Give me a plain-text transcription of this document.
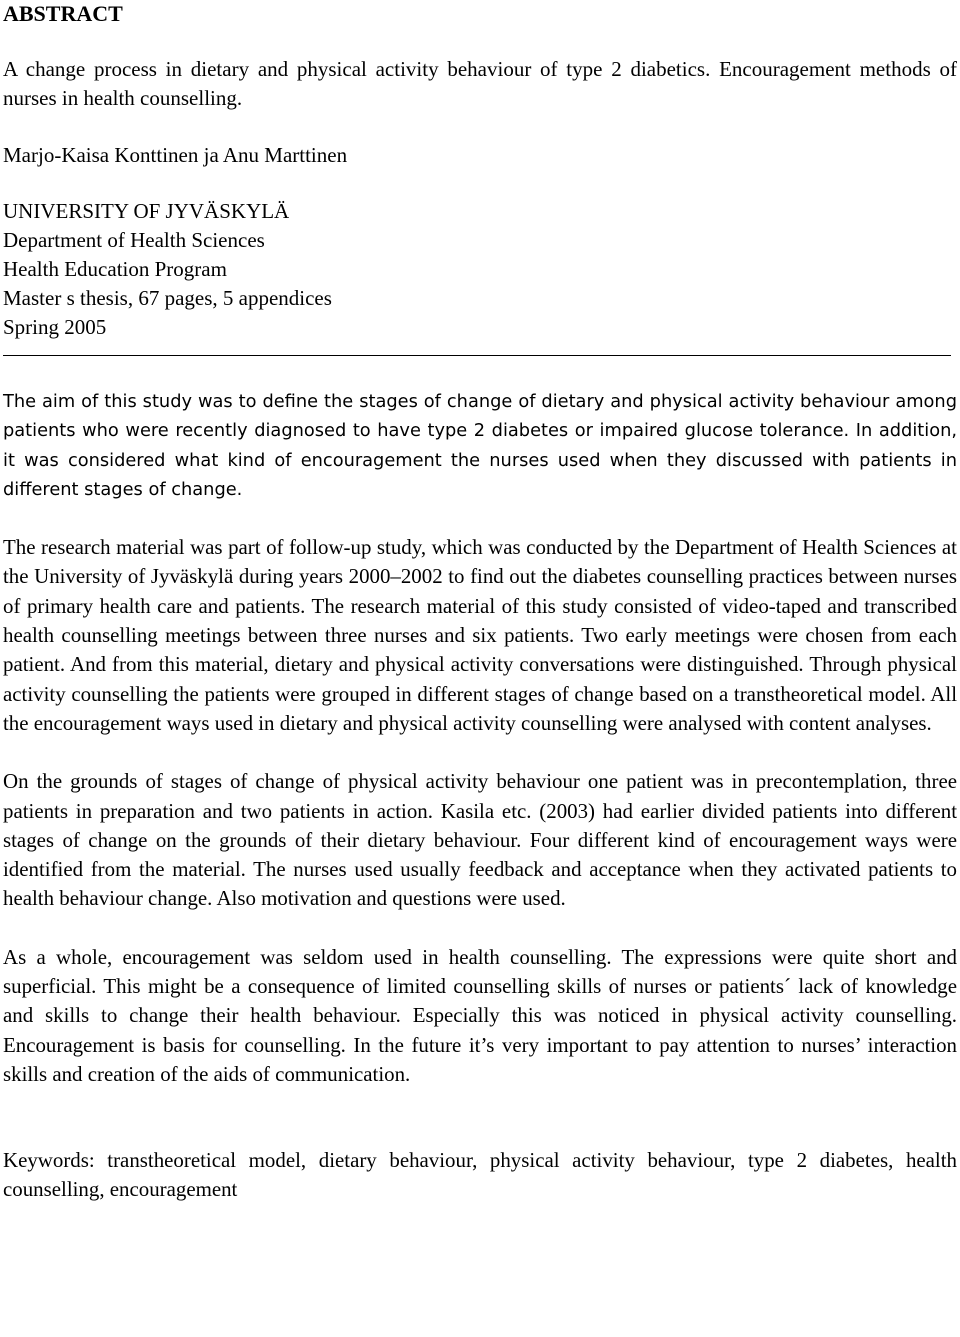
ABSTRACT
A change process in dietary and physical activity behaviour of type 2 diabetics. Encouragement methods of nurses in health counselling.
Marjo-Kaisa Konttinen ja Anu Marttinen
UNIVERSITY OF JYVÄSKYLÄ
Department of Health Sciences
Health Education Program
Master s thesis, 67 pages, 5 appendices
Spring 2005

The aim of this study was to define the stages of change of dietary and physical activity behaviour among patients who were recently diagnosed to have type 2 diabetes or impaired glucose tolerance. In addition, it was considered what kind of encouragement the nurses used when they discussed with patients in different stages of change.

The research material was part of follow-up study, which was conducted by the Department of Health Sciences at the University of Jyväskylä during years 2000–2002 to find out the diabetes counselling practices between nurses of primary health care and patients. The research material of this study consisted of video-taped and transcribed health counselling meetings between three nurses and six patients. Two early meetings were chosen from each patient. And from this material, dietary and physical activity conversations were distinguished. Through physical activity counselling the patients were grouped in different stages of change based on a transtheoretical model. All the encouragement ways used in dietary and physical activity counselling were analysed with content analyses.

On the grounds of stages of change of physical activity behaviour one patient was in precontemplation, three patients in preparation and two patients in action. Kasila etc. (2003) had earlier divided patients into different stages of change on the grounds of their dietary behaviour. Four different kind of encouragement ways were identified from the material. The nurses used usually feedback and acceptance when they activated patients to health behaviour change. Also motivation and questions were used.

As a whole, encouragement was seldom used in health counselling. The expressions were quite short and superficial. This might be a consequence of limited counselling skills of nurses or patients´ lack of knowledge and skills to change their health behaviour. Especially this was noticed in physical activity counselling. Encouragement is basis for counselling. In the future it’s very important to pay attention to nurses’ interaction skills and creation of the aids of communication.

Keywords: transtheoretical model, dietary behaviour, physical activity behaviour, type 2 diabetes, health counselling, encouragement
